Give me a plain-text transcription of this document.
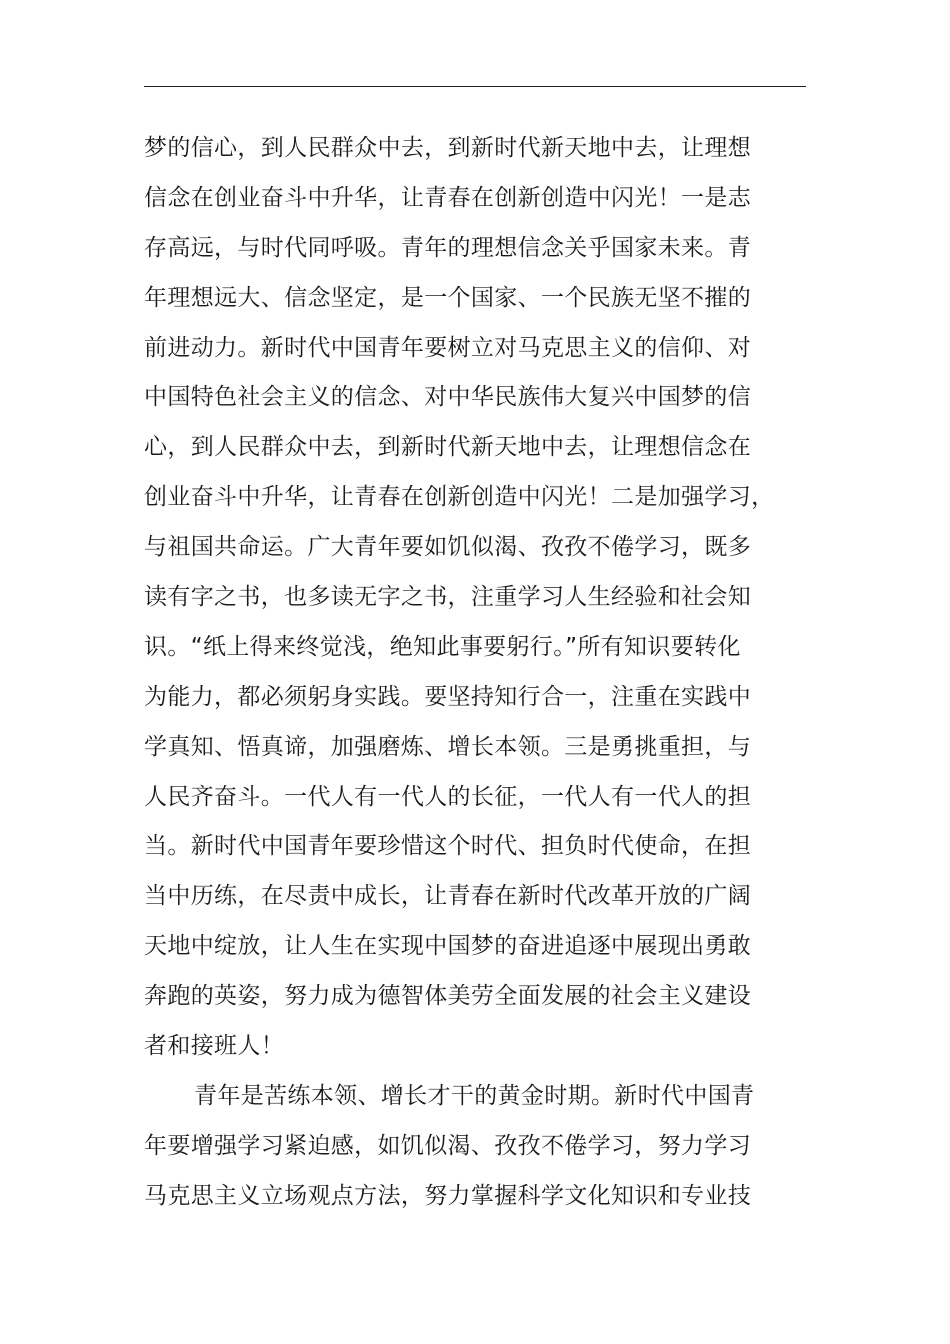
梦的信心，到人民群众中去，到新时代新天地中去，让理想
信念在创业奋斗中升华，让青春在创新创造中闪光！一是志
存高远，与时代同呼吸。青年的理想信念关乎国家未来。青
年理想远大、信念坚定，是一个国家、一个民族无坚不摧的
前进动力。新时代中国青年要树立对马克思主义的信仰、对
中国特色社会主义的信念、对中华民族伟大复兴中国梦的信
心，到人民群众中去，到新时代新天地中去，让理想信念在
创业奋斗中升华，让青春在创新创造中闪光！二是加强学习，
与祖国共命运。广大青年要如饥似渴、孜孜不倦学习，既多
读有字之书，也多读无字之书，注重学习人生经验和社会知
识。“纸上得来终觉浅，绝知此事要躬行。”所有知识要转化
为能力，都必须躬身实践。要坚持知行合一，注重在实践中
学真知、悟真谛，加强磨炼、增长本领。三是勇挑重担，与
人民齐奋斗。一代人有一代人的长征，一代人有一代人的担
当。新时代中国青年要珍惜这个时代、担负时代使命，在担
当中历练，在尽责中成长，让青春在新时代改革开放的广阔
天地中绽放，让人生在实现中国梦的奋进追逐中展现出勇敢
奔跑的英姿，努力成为德智体美劳全面发展的社会主义建设
者和接班人！
青年是苦练本领、增长才干的黄金时期。新时代中国青
年要增强学习紧迫感，如饥似渴、孜孜不倦学习，努力学习
马克思主义立场观点方法，努力掌握科学文化知识和专业技
